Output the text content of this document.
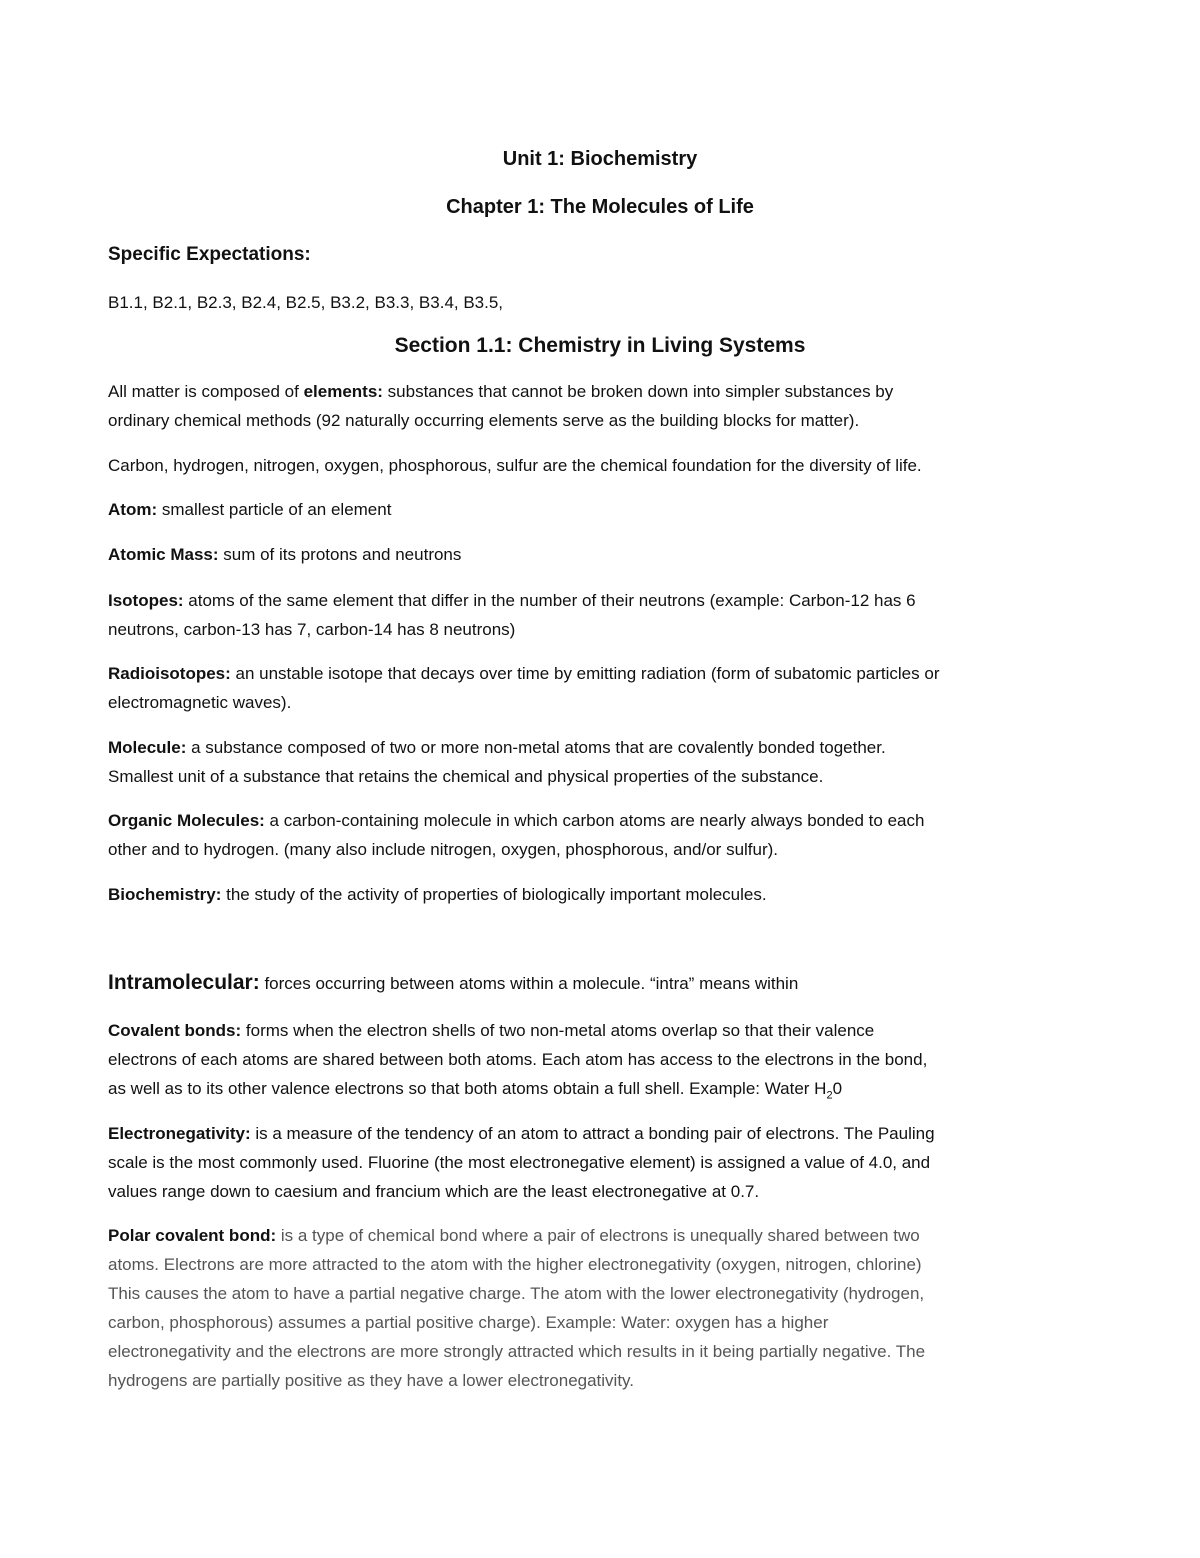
Unit 1: Biochemistry
Chapter 1: The Molecules of Life
Specific Expectations:
B1.1, B2.1, B2.3, B2.4, B2.5, B3.2, B3.3, B3.4, B3.5,
Section 1.1: Chemistry in Living Systems
All matter is composed of elements: substances that cannot be broken down into simpler substances by
ordinary chemical methods (92 naturally occurring elements serve as the building blocks for matter).
Carbon, hydrogen, nitrogen, oxygen, phosphorous, sulfur are the chemical foundation for the diversity of life.
Atom: smallest particle of an element
Atomic Mass: sum of its protons and neutrons
Isotopes: atoms of the same element that differ in the number of their neutrons (example: Carbon-12 has 6
neutrons, carbon-13 has 7, carbon-14 has 8 neutrons)
Radioisotopes: an unstable isotope that decays over time by emitting radiation (form of subatomic particles or
electromagnetic waves).
Molecule: a substance composed of two or more non-metal atoms that are covalently bonded together.
Smallest unit of a substance that retains the chemical and physical properties of the substance.
Organic Molecules: a carbon-containing molecule in which carbon atoms are nearly always bonded to each
other and to hydrogen. (many also include nitrogen, oxygen, phosphorous, and/or sulfur).
Biochemistry: the study of the activity of properties of biologically important molecules.
Intramolecular: forces occurring between atoms within a molecule. “intra” means within
Covalent bonds: forms when the electron shells of two non-metal atoms overlap so that their valence
electrons of each atoms are shared between both atoms. Each atom has access to the electrons in the bond,
as well as to its other valence electrons so that both atoms obtain a full shell. Example: Water $H_20$
Electronegativity: is a measure of the tendency of an atom to attract a bonding pair of electrons. The Pauling
scale is the most commonly used. Fluorine (the most electronegative element) is assigned a value of 4.0, and
values range down to caesium and francium which are the least electronegative at 0.7.
Polar covalent bond: is a type of chemical bond where a pair of electrons is unequally shared between two
atoms. Electrons are more attracted to the atom with the higher electronegativity (oxygen, nitrogen, chlorine)
This causes the atom to have a partial negative charge. The atom with the lower electronegativity (hydrogen,
carbon, phosphorous) assumes a partial positive charge). Example: Water: oxygen has a higher
electronegativity and the electrons are more strongly attracted which results in it being partially negative. The
hydrogens are partially positive as they have a lower electronegativity.
